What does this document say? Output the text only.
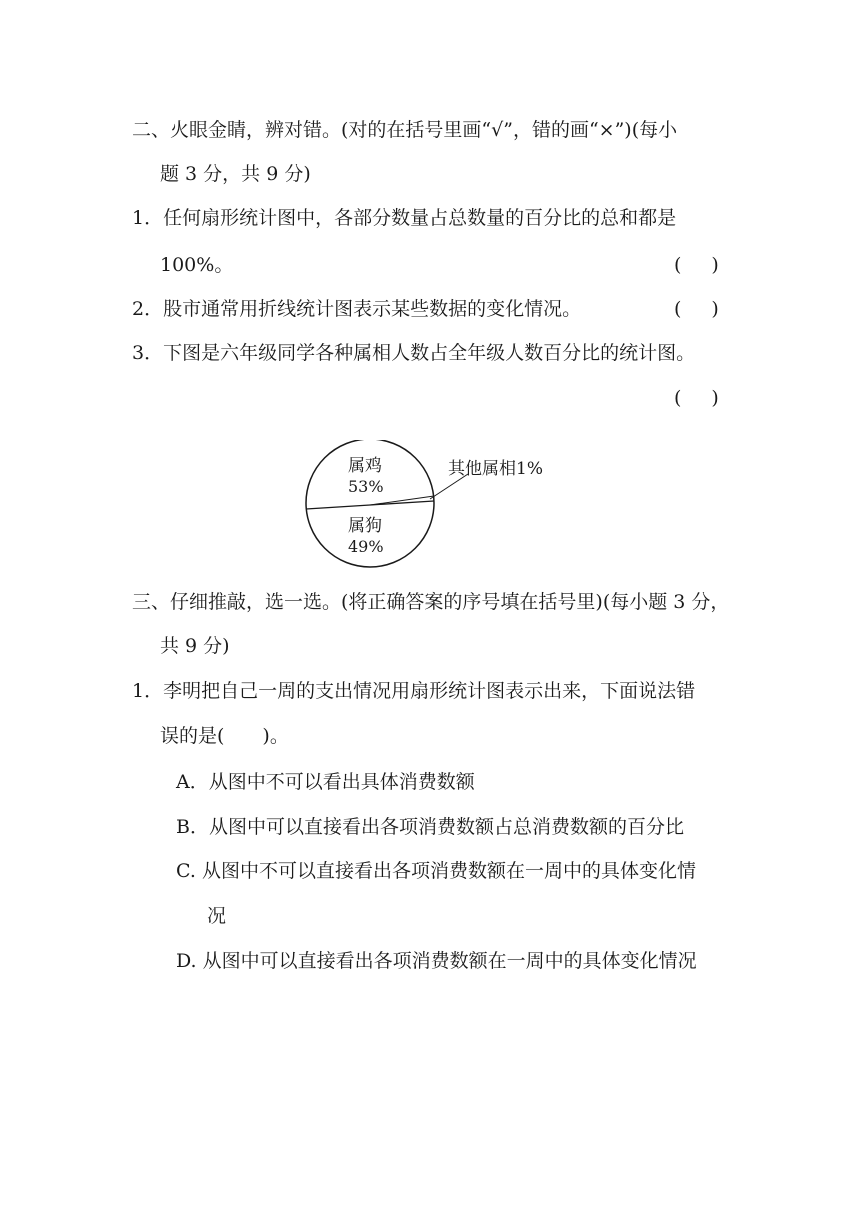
二、火眼金睛，辨对错。(对的在括号里画“√”，错的画“×”)(每小
题 3 分，共 9 分)
1．任何扇形统计图中，各部分数量占总数量的百分比的总和都是
100%。	( )
2．股市通常用折线统计图表示某些数据的变化情况。	( )
3．下图是六年级同学各种属相人数占全年级人数百分比的统计图。
( )
属鸡
53%
属狗
49%
其他属相1%
三、仔细推敲，选一选。(将正确答案的序号填在括号里)(每小题 3 分，
共 9 分)
1．李明把自己一周的支出情况用扇形统计图表示出来，下面说法错
误的是( )。
A．从图中不可以看出具体消费数额
B．从图中可以直接看出各项消费数额占总消费数额的百分比
C. 从图中不可以直接看出各项消费数额在一周中的具体变化情
况
D. 从图中可以直接看出各项消费数额在一周中的具体变化情况
